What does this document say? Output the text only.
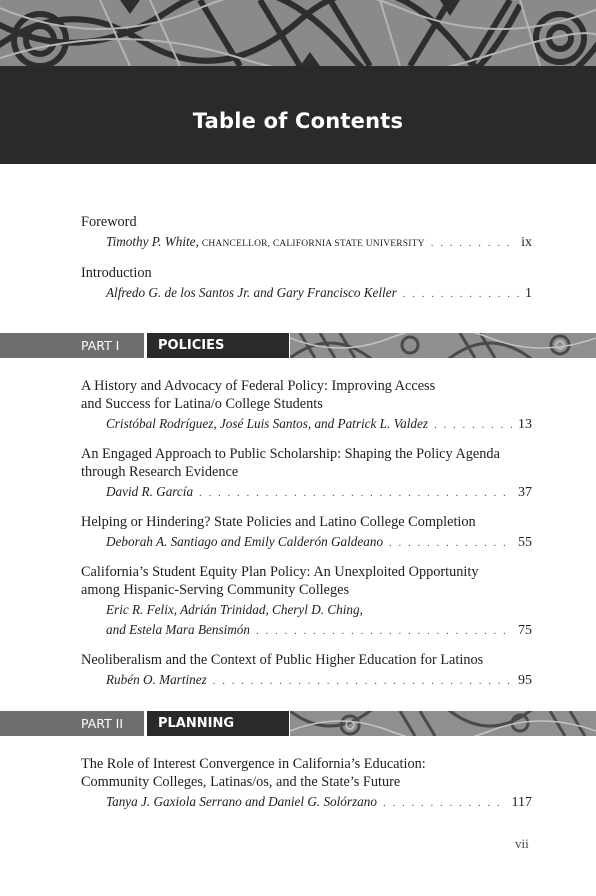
Table of Contents

Foreword

Timothy P. White, CHANCELLOR, CALIFORNIA STATE UNIVERSITY . . .	ix

Introduction

Alfredo G. de los Santos Jr. and Gary Francisco Keller . . .	1
PART I	POLICIES

A History and Advocacy of Federal Policy: Improving Access

and Success for Latina/o College Students

Cristóbal Rodríguez, José Luis Santos, and Patrick L. Valdez . . .	13

An Engaged Approach to Public Scholarship: Shaping the Policy Agenda

through Research Evidence

David R. García . . .	37

Helping or Hindering? State Policies and Latino College Completion

Deborah A. Santiago and Emily Calderón Galdeano . . .	55

California’s Student Equity Plan Policy: An Unexploited Opportunity

among Hispanic-Serving Community Colleges

Eric R. Felix, Adrián Trinidad, Cheryl D. Ching,
and Estela Mara Bensimón . . .	75

Neoliberalism and the Context of Public Higher Education for Latinos

Rubén O. Martinez . . .	95
PART II	PLANNING

The Role of Interest Convergence in California’s Education:

Community Colleges, Latinas/os, and the State’s Future

Tanya J. Gaxiola Serrano and Daniel G. Solórzano . . .	117
vii
